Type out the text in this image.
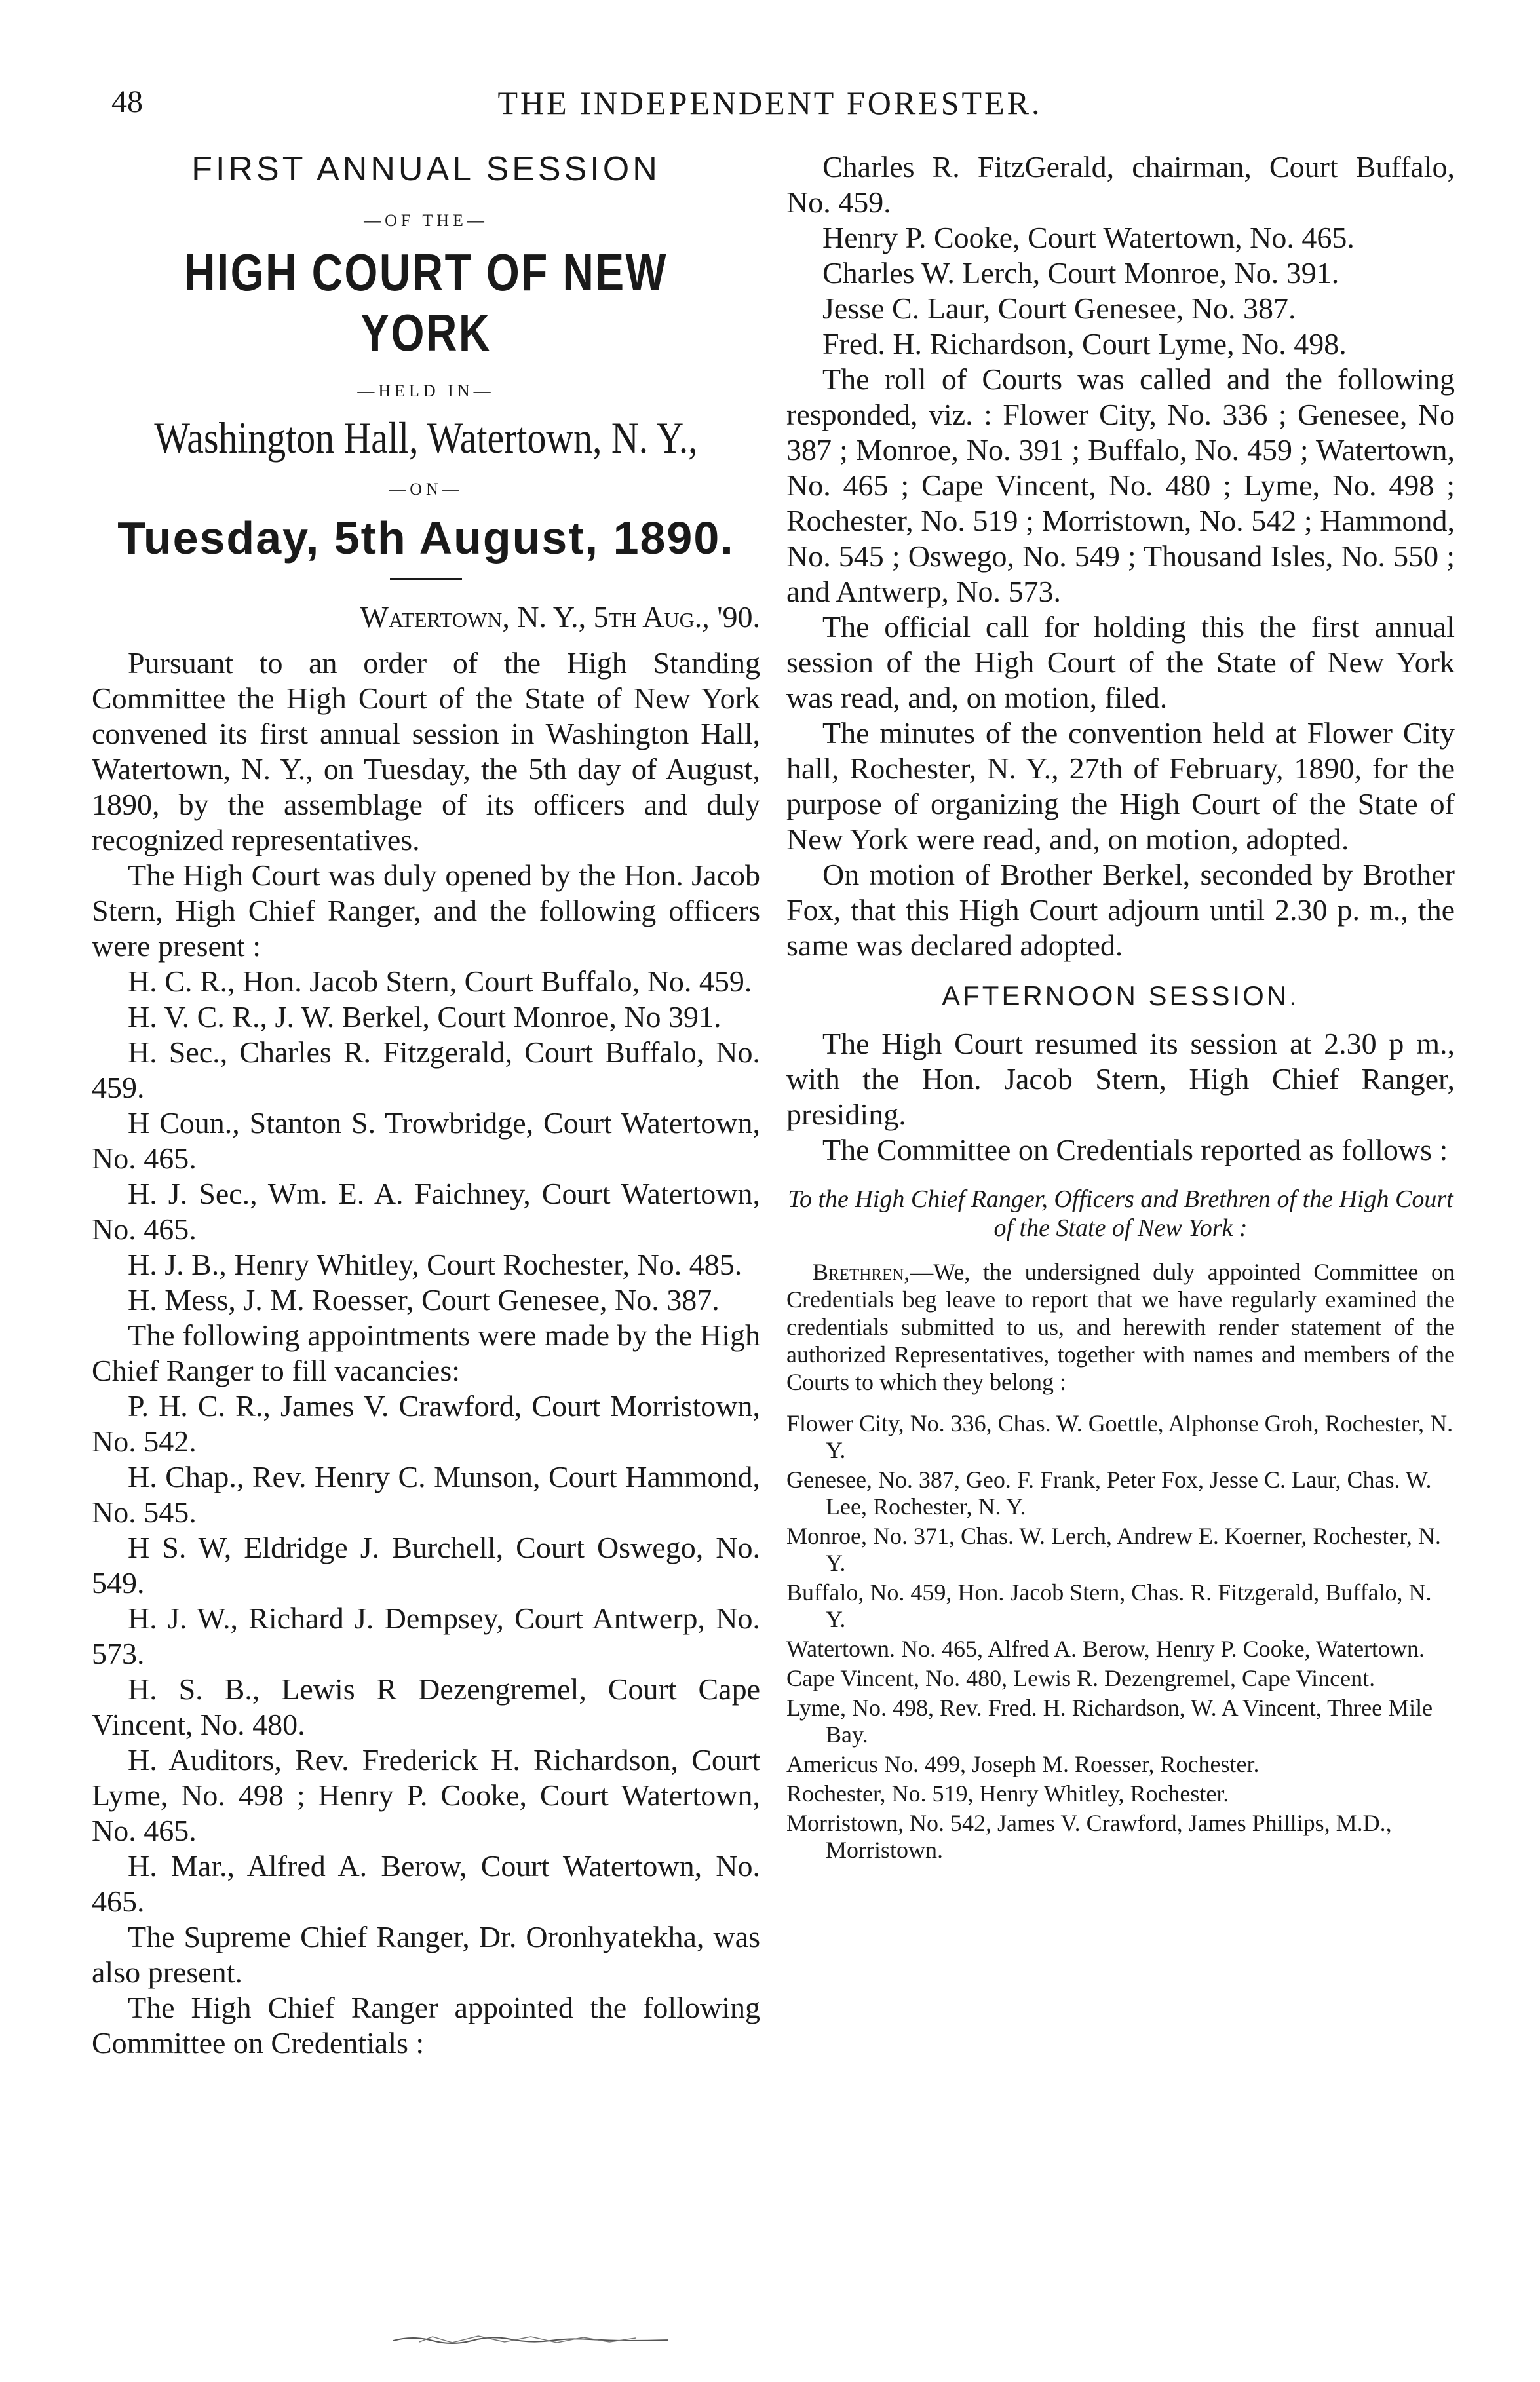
48	THE INDEPENDENT FORESTER.
FIRST ANNUAL SESSION
—OF THE—
HIGH COURT OF NEW YORK
—HELD IN—
Washington Hall, Watertown, N. Y.,
—ON—
Tuesday, 5th August, 1890.
Watertown, N. Y., 5th Aug., '90.

Pursuant to an order of the High Standing Committee the High Court of the State of New York convened its first annual session in Washington Hall, Watertown, N. Y., on Tuesday, the 5th day of August, 1890, by the assemblage of its officers and duly recognized representatives.

The High Court was duly opened by the Hon. Jacob Stern, High Chief Ranger, and the following officers were present :

H. C. R., Hon. Jacob Stern, Court Buffalo, No. 459.

H. V. C. R., J. W. Berkel, Court Monroe, No 391.

H. Sec., Charles R. Fitzgerald, Court Buffalo, No. 459.

H Coun., Stanton S. Trowbridge, Court Watertown, No. 465.

H. J. Sec., Wm. E. A. Faichney, Court Watertown, No. 465.

H. J. B., Henry Whitley, Court Rochester, No. 485.

H. Mess, J. M. Roesser, Court Genesee, No. 387.

The following appointments were made by the High Chief Ranger to fill vacancies:

P. H. C. R., James V. Crawford, Court Morristown, No. 542.

H. Chap., Rev. Henry C. Munson, Court Hammond, No. 545.

H S. W, Eldridge J. Burchell, Court Oswego, No. 549.

H. J. W., Richard J. Dempsey, Court Antwerp, No. 573.

H. S. B., Lewis R Dezengremel, Court Cape Vincent, No. 480.

H. Auditors, Rev. Frederick H. Richardson, Court Lyme, No. 498 ; Henry P. Cooke, Court Watertown, No. 465.

H. Mar., Alfred A. Berow, Court Watertown, No. 465.

The Supreme Chief Ranger, Dr. Oronhyatekha, was also present.

The High Chief Ranger appointed the following Committee on Credentials :

Charles R. FitzGerald, chairman, Court Buffalo, No. 459.

Henry P. Cooke, Court Watertown, No. 465.

Charles W. Lerch, Court Monroe, No. 391.

Jesse C. Laur, Court Genesee, No. 387.

Fred. H. Richardson, Court Lyme, No. 498.

The roll of Courts was called and the following responded, viz. : Flower City, No. 336 ; Genesee, No 387 ; Monroe, No. 391 ; Buffalo, No. 459 ; Watertown, No. 465 ; Cape Vincent, No. 480 ; Lyme, No. 498 ; Rochester, No. 519 ; Morristown, No. 542 ; Hammond, No. 545 ; Oswego, No. 549 ; Thousand Isles, No. 550 ; and Antwerp, No. 573.

The official call for holding this the first annual session of the High Court of the State of New York was read, and, on motion, filed.

The minutes of the convention held at Flower City hall, Rochester, N. Y., 27th of February, 1890, for the purpose of organizing the High Court of the State of New York were read, and, on motion, adopted.

On motion of Brother Berkel, seconded by Brother Fox, that this High Court adjourn until 2.30 p. m., the same was declared adopted.

AFTERNOON SESSION.

The High Court resumed its session at 2.30 p m., with the Hon. Jacob Stern, High Chief Ranger, presiding.

The Committee on Credentials reported as follows :

To the High Chief Ranger, Officers and Brethren of the High Court of the State of New York :

Brethren,—We, the undersigned duly appointed Committee on Credentials beg leave to report that we have regularly examined the credentials submitted to us, and herewith render statement of the authorized Representatives, together with names and members of the Courts to which they belong :

Flower City, No. 336, Chas. W. Goettle, Alphonse Groh, Rochester, N. Y.
Genesee, No. 387, Geo. F. Frank, Peter Fox, Jesse C. Laur, Chas. W. Lee, Rochester, N. Y.
Monroe, No. 371, Chas. W. Lerch, Andrew E. Koerner, Rochester, N. Y.
Buffalo, No. 459, Hon. Jacob Stern, Chas. R. Fitzgerald, Buffalo, N. Y.
Watertown. No. 465, Alfred A. Berow, Henry P. Cooke, Watertown.
Cape Vincent, No. 480, Lewis R. Dezengremel, Cape Vincent.
Lyme, No. 498, Rev. Fred. H. Richardson, W. A Vincent, Three Mile Bay.
Americus No. 499, Joseph M. Roesser, Rochester.
Rochester, No. 519, Henry Whitley, Rochester.
Morristown, No. 542, James V. Crawford, James Phillips, M.D., Morristown.
